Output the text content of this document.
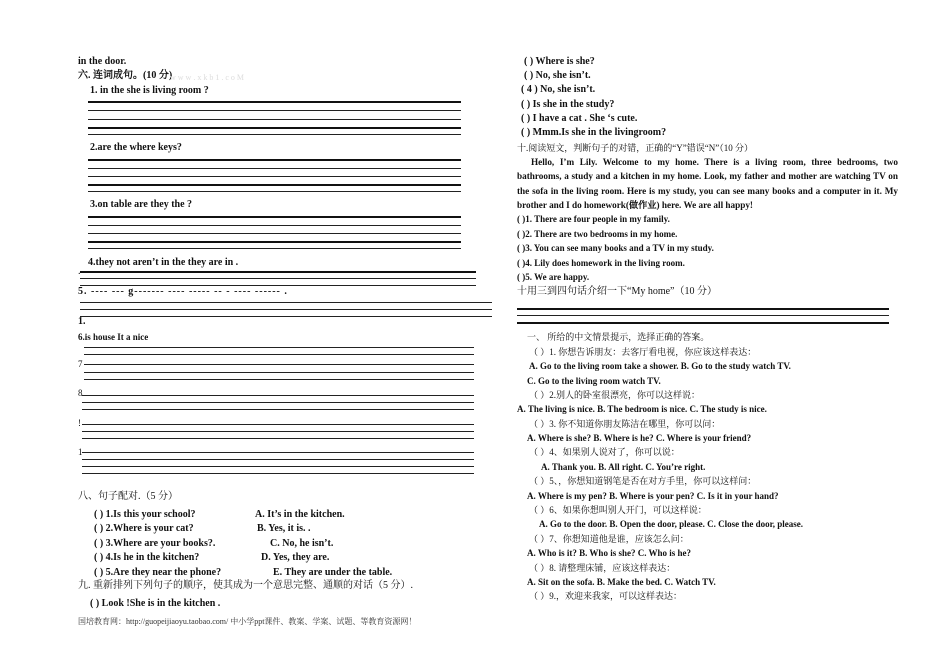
in the door.
六. 连词成句。(10 分)
w w w . x k b 1 . c o M
1. in the she is living room ?
2.are the where keys?
3.on table are they the ?
4.they not aren’t in the they are in .
.
5. ---- --- g------- ---- ----- -- - ---- ------ .
1.
6.is house It a nice
7
8
!
1
八、句子配对.（5 分）
( ) 1.Is this your school?
( ) 2.Where is your cat?
( ) 3.Where are your books?.
( ) 4.Is he in the kitchen?
( ) 5.Are they near the phone?
A. It’s in the kitchen.
B. Yes, it is. .
C. No, he isn’t.
D. Yes, they are.
E. They are under the table.
九. 重新排列下列句子的顺序，使其成为一个意思完整、通顺的对话（5 分）.
( ) Look !She is in the kitchen .
国培教育网：http://guopeijiaoyu.taobao.com/ 中小学ppt课件、教案、学案、试题、等教育资源网！
( ) Where is she?
( ) No, she isn’t.
( 4 ) No, she isn’t.
( ) Is she in the study?
( ) I have a cat . She ‘s cute.
( ) Mmm.Is she in the livingroom?
十.阅读短文，判断句子的对错，正确的“Y”错误“N”（10 分）
Hello, I’m Lily. Welcome to my home. There is a living room, three bedrooms, two bathrooms, a study and a kitchen in my home. Look, my father and mother are watching TV on the sofa in the living room. Here is my study, you can see many books and a computer in it. My brother and I do homework(做作业) here. We are all happy!
( )1. There are four people in my family.
( )2. There are two bedrooms in my home.
( )3. You can see many books and a TV in my study.
( )4. Lily does homework in the living room.
( )5. We are happy.
十用三到四句话介绍一下“My home”（10 分）
一、 所给的中文情景提示，选择正确的答案。
（ ）1. 你想告诉朋友：去客厅看电视，你应该这样表达：
A. Go to the living room take a shower. B. Go to the study watch TV.
C. Go to the living room watch TV.
（ ）2.别人的卧室很漂亮，你可以这样说：
A. The living is nice. B. The bedroom is nice. C. The study is nice.
（ ）3. 你不知道你朋友陈洁在哪里，你可以问：
A. Where is she? B. Where is he? C. Where is your friend?
（ ）4、如果别人说对了，你可以说：
A. Thank you. B. All right. C. You’re right.
（ ）5、，你想知道钢笔是否在对方手里，你可以这样问：
A. Where is my pen? B. Where is your pen? C. Is it in your hand?
（ ）6、如果你想叫别人开门，可以这样说：
A. Go to the door. B. Open the door, please. C. Close the door, please.
（ ）7、你想知道他是谁，应该怎么问：
A. Who is it? B. Who is she? C. Who is he?
（ ）8. 请整理床铺，应该这样表达：
A. Sit on the sofa. B. Make the bed. C. Watch TV.
（ ）9.，欢迎来我家，可以这样表达：
